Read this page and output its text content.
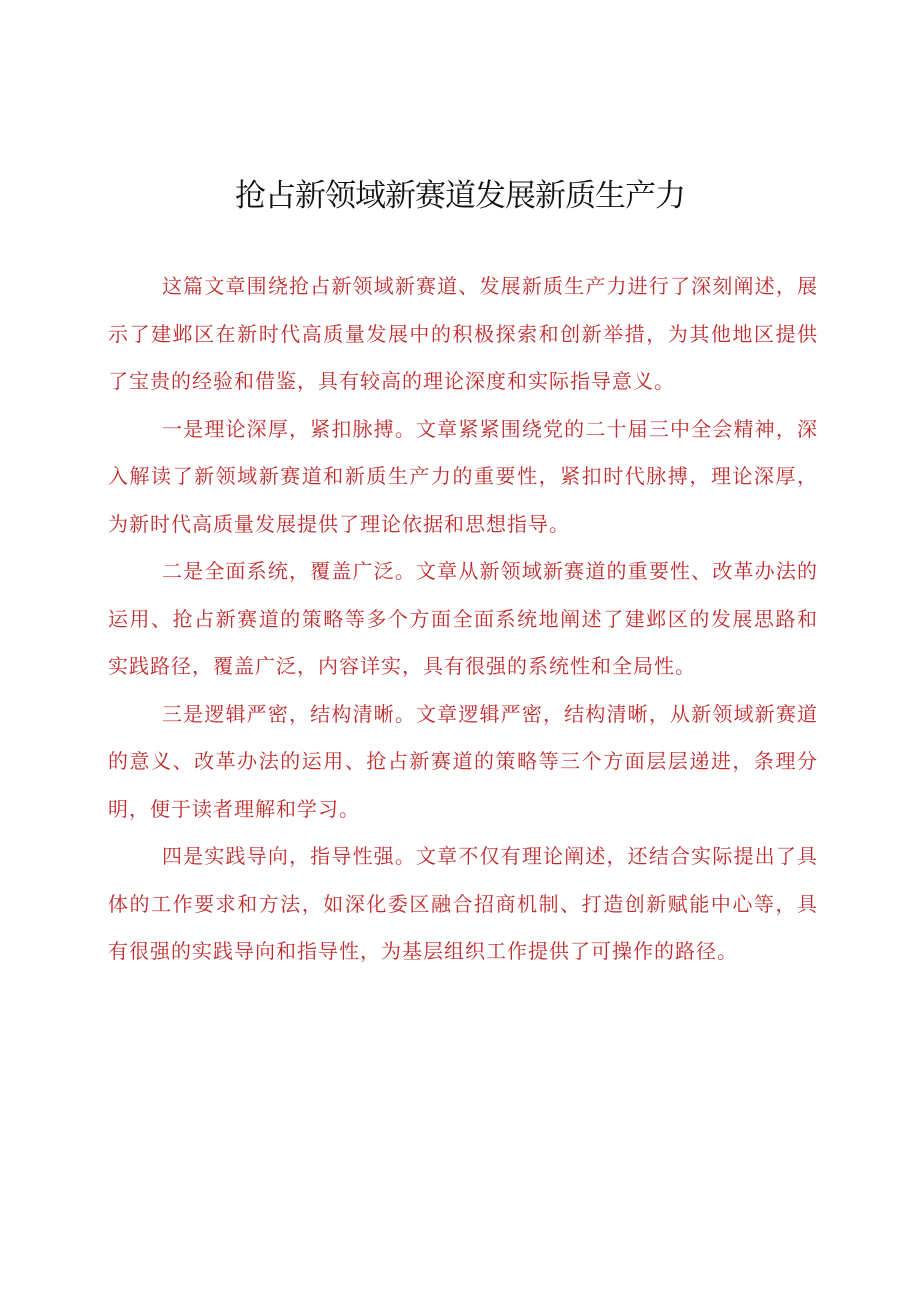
抢占新领域新赛道发展新质生产力

这篇文章围绕抢占新领域新赛道、发展新质生产力进行了深刻阐述，展示了建邺区在新时代高质量发展中的积极探索和创新举措，为其他地区提供了宝贵的经验和借鉴，具有较高的理论深度和实际指导意义。

一是理论深厚，紧扣脉搏。文章紧紧围绕党的二十届三中全会精神，深入解读了新领域新赛道和新质生产力的重要性，紧扣时代脉搏，理论深厚，为新时代高质量发展提供了理论依据和思想指导。

二是全面系统，覆盖广泛。文章从新领域新赛道的重要性、改革办法的运用、抢占新赛道的策略等多个方面全面系统地阐述了建邺区的发展思路和实践路径，覆盖广泛，内容详实，具有很强的系统性和全局性。

三是逻辑严密，结构清晰。文章逻辑严密，结构清晰，从新领域新赛道的意义、改革办法的运用、抢占新赛道的策略等三个方面层层递进，条理分明，便于读者理解和学习。

四是实践导向，指导性强。文章不仅有理论阐述，还结合实际提出了具体的工作要求和方法，如深化委区融合招商机制、打造创新赋能中心等，具有很强的实践导向和指导性，为基层组织工作提供了可操作的路径。
